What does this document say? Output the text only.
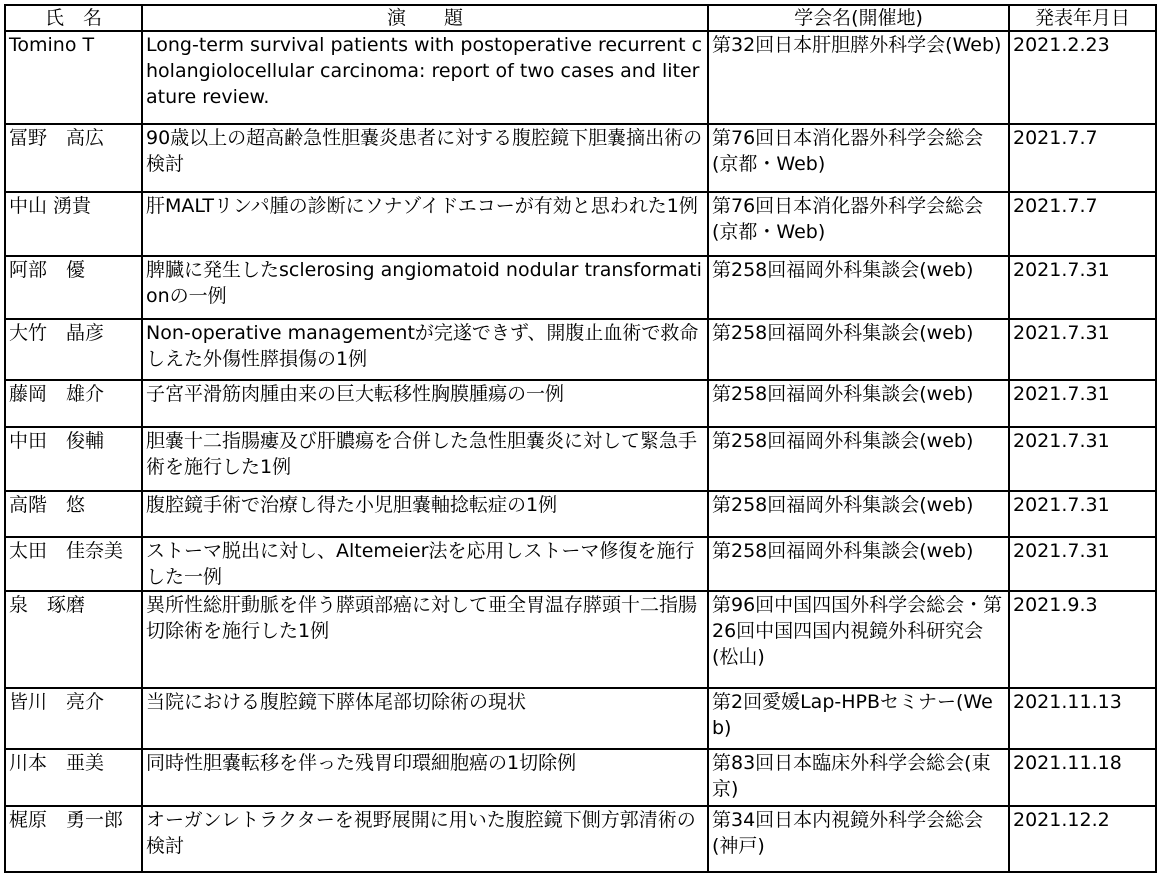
氏　名	演　　題	学会名(開催地)	発表年月日
Tomino T	Long-term survival patients with postoperative recurrent cholangiolocellular carcinoma: report of two cases and literature review.	第32回日本肝胆膵外科学会(Web)	2021.2.23
冨野　高広	90歳以上の超高齢急性胆嚢炎患者に対する腹腔鏡下胆嚢摘出術の検討	第76回日本消化器外科学会総会(京都・Web)	2021.7.7
中山 湧貴	肝MALTリンパ腫の診断にソナゾイドエコーが有効と思われた1例	第76回日本消化器外科学会総会(京都・Web)	2021.7.7
阿部　優	脾臓に発生したsclerosing angiomatoid nodular transformationの一例	第258回福岡外科集談会(web)	2021.7.31
大竹　晶彦	Non-operative managementが完遂できず、開腹止血術で救命しえた外傷性膵損傷の1例	第258回福岡外科集談会(web)	2021.7.31
藤岡　雄介	子宮平滑筋肉腫由来の巨大転移性胸膜腫瘍の一例	第258回福岡外科集談会(web)	2021.7.31
中田　俊輔	胆嚢十二指腸瘻及び肝膿瘍を合併した急性胆嚢炎に対して緊急手術を施行した1例	第258回福岡外科集談会(web)	2021.7.31
高階　悠	腹腔鏡手術で治療し得た小児胆嚢軸捻転症の1例	第258回福岡外科集談会(web)	2021.7.31
太田　佳奈美	ストーマ脱出に対し、Altemeier法を応用しストーマ修復を施行した一例	第258回福岡外科集談会(web)	2021.7.31
泉　琢磨	異所性総肝動脈を伴う膵頭部癌に対して亜全胃温存膵頭十二指腸切除術を施行した1例	第96回中国四国外科学会総会・第26回中国四国内視鏡外科研究会(松山)	2021.9.3
皆川　亮介	当院における腹腔鏡下膵体尾部切除術の現状	第2回愛媛Lap-HPBセミナー(Web)	2021.11.13
川本　亜美	同時性胆嚢転移を伴った残胃印環細胞癌の1切除例	第83回日本臨床外科学会総会(東京)	2021.11.18
梶原　勇一郎	オーガンレトラクターを視野展開に用いた腹腔鏡下側方郭清術の検討	第34回日本内視鏡外科学会総会(神戸)	2021.12.2
